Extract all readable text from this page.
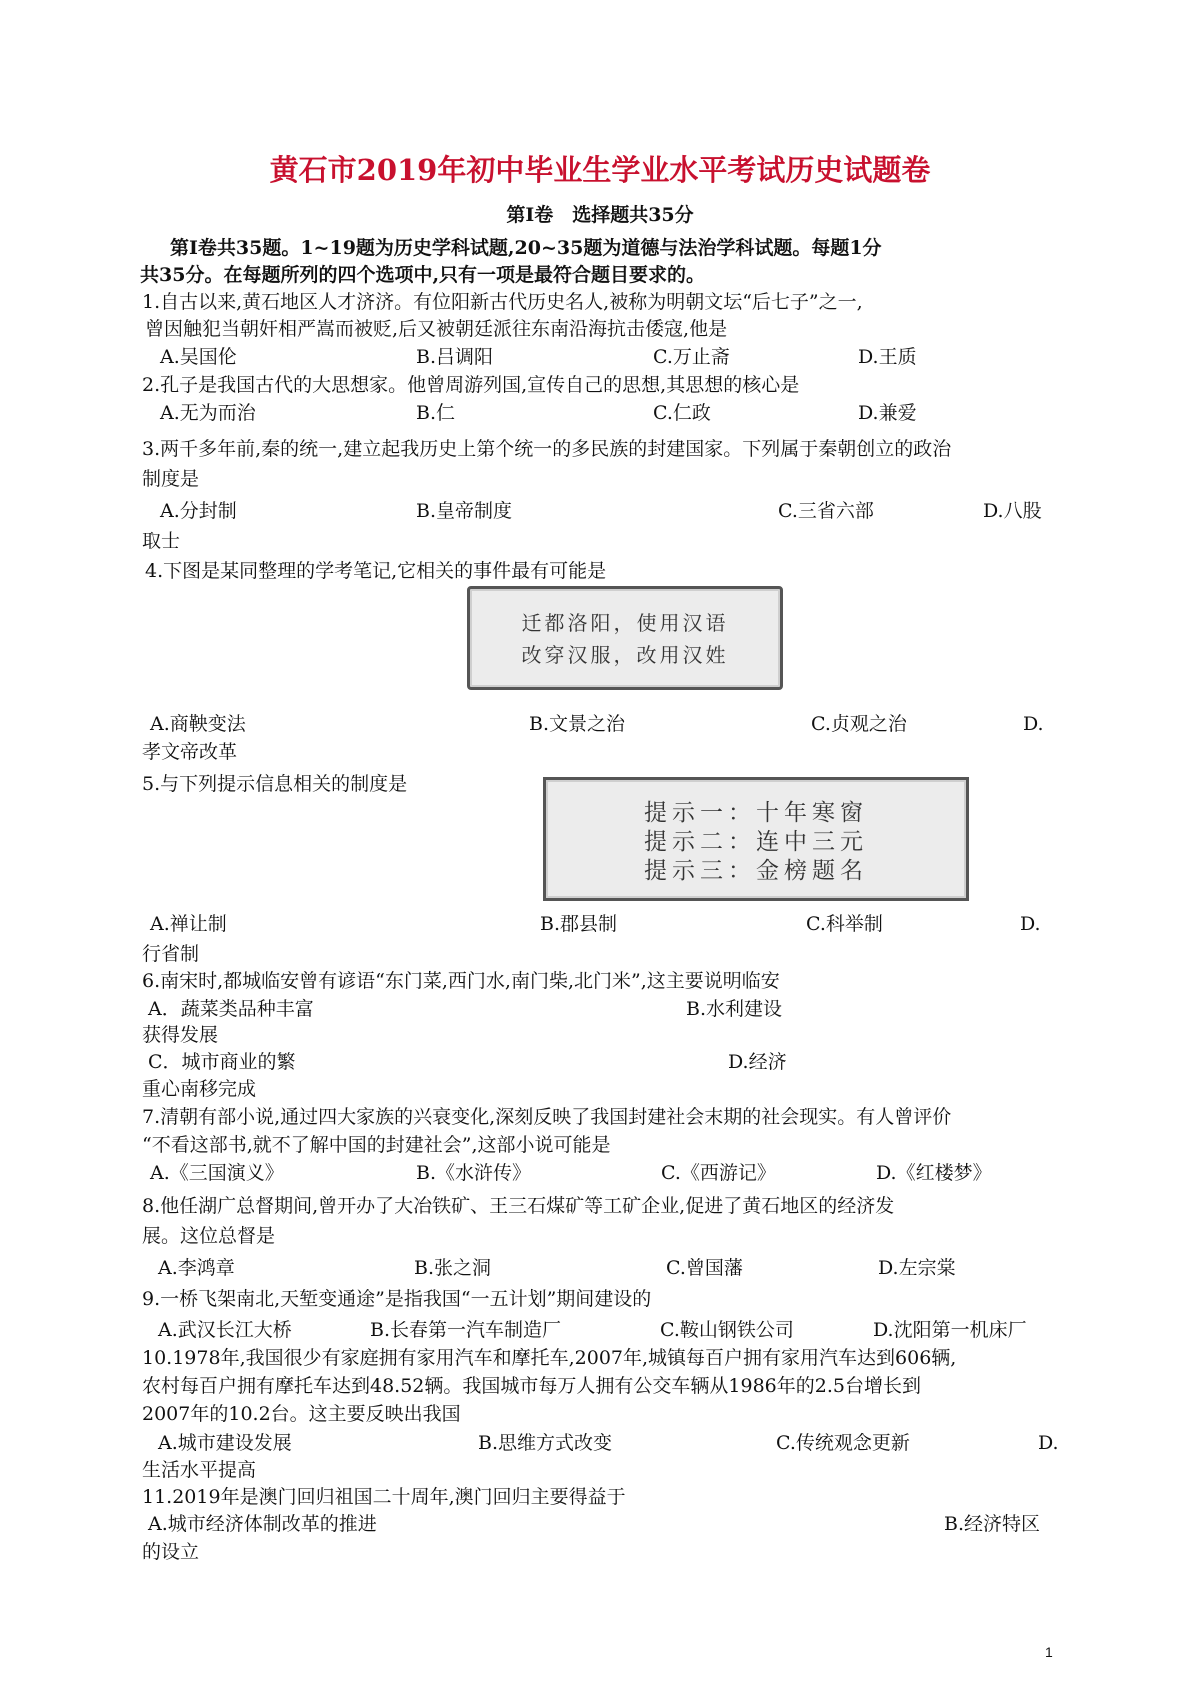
黄石市2019年初中毕业生学业水平考试历史试题卷
第Ⅰ卷　选择题共35分
第Ⅰ卷共35题。1~19题为历史学科试题,20~35题为道德与法治学科试题。每题1分
共35分。在每题所列的四个选项中,只有一项是最符合题目要求的。
1.自古以来,黄石地区人才济济。有位阳新古代历史名人,被称为明朝文坛“后七子”之一,
曾因触犯当朝奸相严嵩而被贬,后又被朝廷派往东南沿海抗击倭寇,他是
A.吴国伦	B.吕调阳	C.万止斋	D.王质
2.孔子是我国古代的大思想家。他曾周游列国,宣传自己的思想,其思想的核心是
A.无为而治	B.仁	C.仁政	D.兼爱
3.两千多年前,秦的统一,建立起我历史上第个统一的多民族的封建国家。下列属于秦朝创立的政治
制度是
A.分封制	B.皇帝制度	C.三省六部	D.八股
取士
4.下图是某同整理的学考笔记,它相关的事件最有可能是
迁都洛阳，使用汉语
改穿汉服，改用汉姓
A.商鞅变法	B.文景之治	C.贞观之治	D.
孝文帝改革
5.与下列提示信息相关的制度是
提示一：十年寒窗
提示二：连中三元
提示三：金榜题名
A.禅让制	B.郡县制	C.科举制	D.
行省制
6.南宋时,都城临安曾有谚语“东门菜,西门水,南门柴,北门米”,这主要说明临安
A．蔬菜类品种丰富	B.水利建设
获得发展
C．城市商业的繁	D.经济
重心南移完成
7.清朝有部小说,通过四大家族的兴衰变化,深刻反映了我国封建社会末期的社会现实。有人曾评价
“不看这部书,就不了解中国的封建社会”,这部小说可能是
A.《三国演义》	B.《水浒传》	C.《西游记》	D.《红楼梦》
8.他任湖广总督期间,曾开办了大冶铁矿、王三石煤矿等工矿企业,促进了黄石地区的经济发
展。这位总督是
A.李鸿章	B.张之洞	C.曾国藩	D.左宗棠
9.一桥飞架南北,天堑变通途”是指我国“一五计划”期间建设的
A.武汉长江大桥	B.长春第一汽车制造厂	C.鞍山钢铁公司	D.沈阳第一机床厂
10.1978年,我国很少有家庭拥有家用汽车和摩托车,2007年,城镇每百户拥有家用汽车达到606辆,
农村每百户拥有摩托车达到48.52辆。我国城市每万人拥有公交车辆从1986年的2.5台增长到
2007年的10.2台。这主要反映出我国
A.城市建设发展	B.思维方式改变	C.传统观念更新	D.
生活水平提高
11.2019年是澳门回归祖国二十周年,澳门回归主要得益于
A.城市经济体制改革的推进	B.经济特区
的设立
1
